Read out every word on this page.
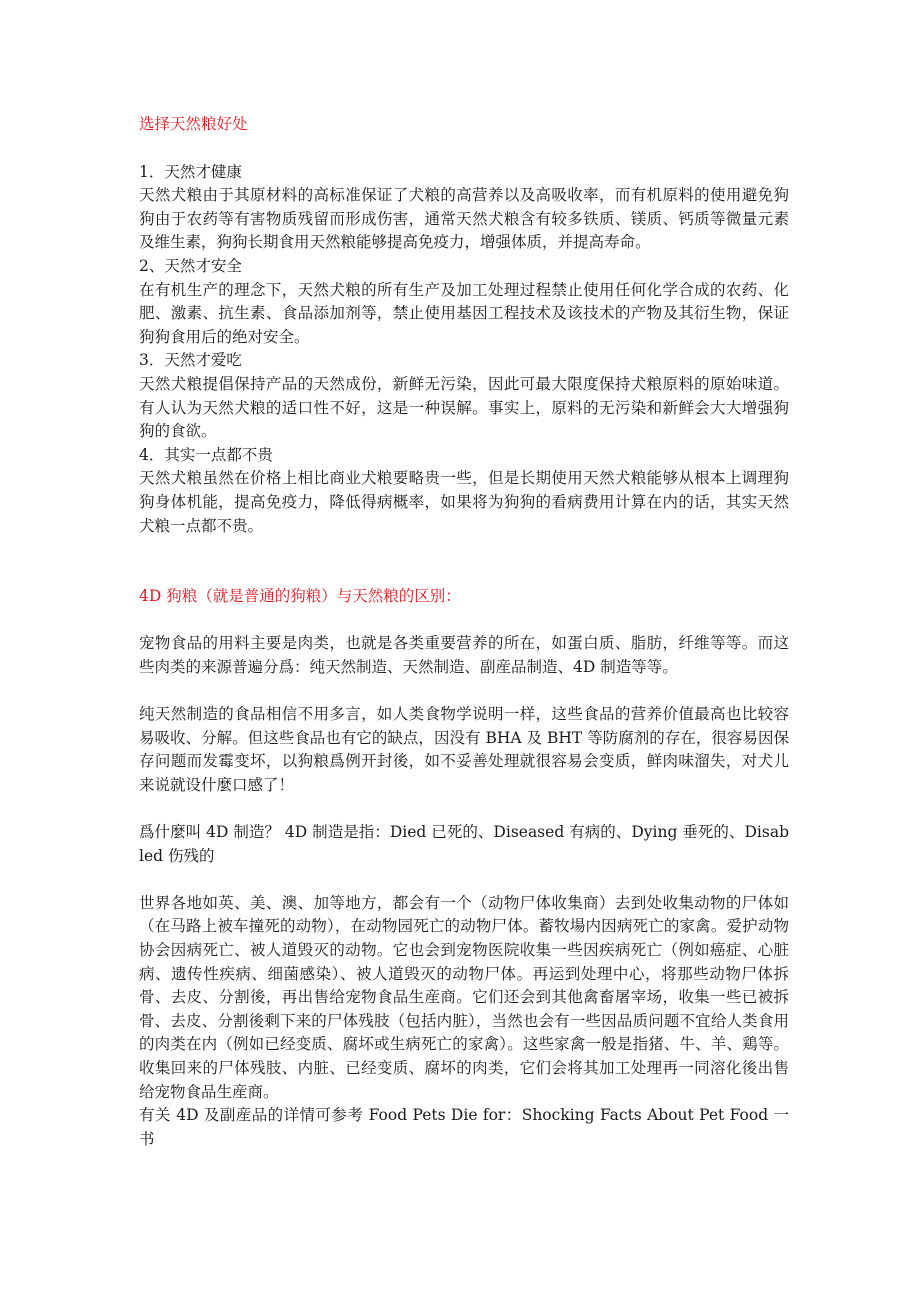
选择天然粮好处

1．天然才健康

天然犬粮由于其原材料的高标准保证了犬粮的高营养以及高吸收率，而有机原料的使用避免狗狗由于农药等有害物质残留而形成伤害，通常天然犬粮含有较多铁质、镁质、钙质等微量元素及维生素，狗狗长期食用天然粮能够提高免疫力，增强体质，并提高寿命。

2、天然才安全

在有机生产的理念下，天然犬粮的所有生产及加工处理过程禁止使用任何化学合成的农药、化肥、激素、抗生素、食品添加剂等，禁止使用基因工程技术及该技术的产物及其衍生物，保证狗狗食用后的绝对安全。

3．天然才爱吃

天然犬粮提倡保持产品的天然成份，新鲜无污染，因此可最大限度保持犬粮原料的原始味道。有人认为天然犬粮的适口性不好，这是一种误解。事实上，原料的无污染和新鲜会大大增强狗狗的食欲。

4．其实一点都不贵

天然犬粮虽然在价格上相比商业犬粮要略贵一些，但是长期使用天然犬粮能够从根本上调理狗狗身体机能，提高免疫力，降低得病概率，如果将为狗狗的看病费用计算在内的话，其实天然犬粮一点都不贵。

4D 狗粮（就是普通的狗粮）与天然粮的区别：

宠物食品的用料主要是肉类，也就是各类重要营养的所在，如蛋白质、脂肪，纤维等等。而这些肉类的来源普遍分爲：纯天然制造、天然制造、副産品制造、4D 制造等等。

纯天然制造的食品相信不用多言，如人类食物学说明一样，这些食品的营养价值最高也比较容易吸收、分解。但这些食品也有它的缺点，因没有 BHA 及 BHT 等防腐剂的存在，很容易因保存问题而发霉变坏，以狗粮爲例开封後，如不妥善处理就很容易会变质，鲜肉味溜失，对犬儿来说就设什麼口感了！

爲什麼叫 4D 制造？ 4D 制造是指：Died 已死的、Diseased 有病的、Dying 垂死的、Disabled 伤残的

世界各地如英、美、澳、加等地方，都会有一个（动物尸体收集商）去到处收集动物的尸体如（在马路上被车撞死的动物），在动物园死亡的动物尸体。蓄牧場内因病死亡的家禽。爱护动物协会因病死亡、被人道毁灭的动物。它也会到宠物医院收集一些因疾病死亡（例如癌症、心脏病、遗传性疾病、细菌感染）、被人道毁灭的动物尸体。再运到处理中心，将那些动物尸体拆骨、去皮、分割後，再出售给宠物食品生産商。它们还会到其他禽畜屠宰场，收集一些已被拆骨、去皮、分割後剩下来的尸体残肢（包括内脏），当然也会有一些因品质问题不宜给人类食用的肉类在内（例如已经变质、腐坏或生病死亡的家禽）。这些家禽一般是指猪、牛、羊、鶏等。收集回来的尸体残肢、内脏、已经变质、腐坏的肉类，它们会将其加工处理再一同溶化後出售给宠物食品生産商。

有关 4D 及副産品的详情可参考 Food Pets Die for：Shocking Facts About Pet Food 一书
